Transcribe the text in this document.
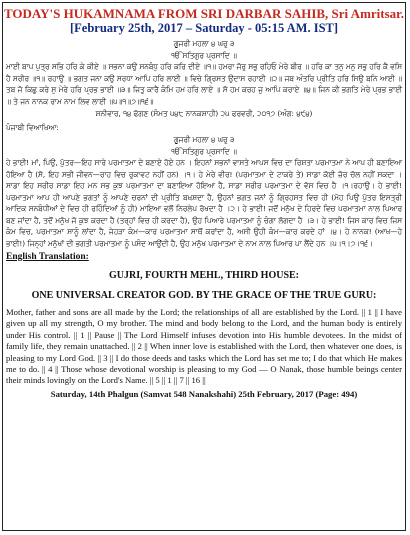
TODAY'S HUKAMNAMA FROM SRI DARBAR SAHIB, Sri Amritsar.
[February 25th, 2017 – Saturday - 05:15 AM. IST]
ਗੂਜਰੀ ਮਹਲਾ ੪ ਘਰੁ ੩
ੴ ਸਤਿਗੁਰ ਪ੍ਰਸਾਦਿ ॥
ਮਾਈ ਬਾਪ ਪੁਤ੍ਰ ਸਭਿ ਹਰਿ ਕੇ ਕੀਏ ॥ ਸਭਨਾ ਕਉ ਸਨਬੰਧੁ ਹਰਿ ਕਰਿ ਦੀਏ ॥੧॥ ਹਮਰਾ ਜੋਰੁ ਸਭੁ ਰਹਿਓ ਮੇਰੇ ਬੀਰ ॥ ਹਰਿ ਕਾ ਤਨੁ ਮਨੁ ਸਭੁ ਹਰਿ ਕੈ ਵਸਿ ਹੈ ਸਰੀਰ ॥੧॥ ਰਹਾਉ ॥ ਭਗਤ ਜਨਾ ਕਉ ਸਰਧਾ ਆਪਿ ਹਰਿ ਲਾਈ ॥ ਵਿਚੇ ਗ੍ਰਿਸਤ ਉਦਾਸ ਰਹਾਈ ॥੨॥ ਜਬ ਅੰਤਰਿ ਪ੍ਰੀਤਿ ਹਰਿ ਸਿਉ ਬਨਿ ਆਈ ॥ ਤਬ ਜੋ ਕਿਛੁ ਕਰੇ ਸੁ ਮੇਰੇ ਹਰਿ ਪ੍ਰਭ ਭਾਈ ॥੩॥ ਜਿਤੁ ਕਾਰੈ ਕੰਮਿ ਹਮ ਹਰਿ ਲਾਏ ॥ ਸੋ ਹਮ ਕਰਹ ਜੁ ਆਪਿ ਕਰਾਏ ॥੪॥ ਜਿਨ ਕੀ ਭਗਤਿ ਮੇਰੇ ਪ੍ਰਭ ਭਾਈ ॥ ਤੇ ਜਨ ਨਾਨਕ ਰਾਮ ਨਾਮ ਲਿਵ ਲਾਈ ॥੫॥੧॥੭॥੧੬॥
ਸ਼ਨੀਵਾਰ, ੧੪ ਫੱਗਣ (ਸੰਮਤ ੫੪੮ ਨਾਨਕਸ਼ਾਹੀ) ੨੫ ਫਰਵਰੀ, ੨੦੧੭ (ਅੰਗ: ੪੯੪)
ਪੰਜਾਬੀ ਵਿਆਖਿਆ:
ਗੂਜਰੀ ਮਹਲਾ ੪ ਘਰੁ ੩
ੴ ਸਤਿਗੁਰ ਪ੍ਰਸਾਦਿ ॥
ਹੇ ਭਾਈ! ਮਾਂ, ਪਿਉ, ਪੁੱਤਰ—ਇਹ ਸਾਰੇ ਪਰਮਾਤਮਾ ਦੇ ਬਣਾਏ ਹੋਏ ਹਨ । ਇਹਨਾਂ ਸਭਨਾਂ ਵਾਸਤੇ ਆਪਸ ਵਿਚ ਦਾ ਰਿਸ਼ਤਾ ਪਰਮਾਤਮਾ ਨੇ ਆਪ ਹੀ ਬਣਾਇਆ ਹੋਇਆ ਹੈ (ਸੋ, ਇਹ ਸਭੀ ਜੀਵਨ—ਰਾਹ ਵਿਚ ਰੁਕਾਵਟ ਨਹੀਂ ਹਨ) ।੧। ਹੇ ਮੇਰੇ ਵੀਰ! (ਪਰਮਾਤਮਾ ਦੇ ਟਾਕਰੇ ਤੇ) ਸਾਡਾ ਕੋਈ ਜ਼ੋਰ ਚੱਲ ਨਹੀਂ ਸਕਦਾ । ਸਾਡਾ ਇਹ ਸਰੀਰ ਸਾਡਾ ਇਹ ਮਨ ਸਭ ਕੁਝ ਪਰਮਾਤਮਾ ਦਾ ਬਣਾਇਆ ਹੋਇਆ ਹੈ, ਸਾਡਾ ਸਰੀਰ ਪਰਮਾਤਮਾ ਦੇ ਵੱਸ ਵਿਚ ਹੈ ।੧।ਰਹਾਉ। ਹੇ ਭਾਈ! ਪਰਮਾਤਮਾ ਆਪ ਹੀ ਆਪਣੇ ਭਗਤਾਂ ਨੂੰ ਆਪਣੇ ਚਰਨਾਂ ਦੀ ਪ੍ਰੀਤਿ ਬਖ਼ਸ਼ਦਾ ਹੈ, ਉਹਨਾਂ ਭਗਤ ਜਨਾਂ ਨੂੰ ਗ੍ਰਿਹਸਤ ਵਿਚ ਹੀ (ਮੋਹ ਪਿਉ ਪੁੱਤਰ ਇਸਤ੍ਰੀ ਆਦਿਕ ਸਨਬੰਧੀਆਂ ਦੇ ਵਿਚ ਹੀ ਰਹਿੰਦਿਆਂ ਨੂੰ ਹੀ) ਮਾਇਆ ਵਲੋਂ ਨਿਰਲੇਪ ਰੱਖਦਾ ਹੈ ।੨। ਹੇ ਭਾਈ! ਜਦੋਂ ਮਨੁੱਖ ਦੇ ਹਿਰਦੇ ਵਿਚ ਪਰਮਾਤਮਾ ਨਾਲ ਪਿਆਰ ਬਣ ਜਾਂਦਾ ਹੈ, ਤਦੋਂ ਮਨੁੱਖ ਜੋ ਕੁਝ ਕਰਦਾ ਹੈ (ਤਰ੍ਹਾਂ ਵਿਚ ਹੀ ਕਰਦਾ ਹੈ), ਉਹ ਪਿਆਰੇ ਪਰਮਾਤਮਾ ਨੂੰ ਚੰਗਾ ਲੱਗਦਾ ਹੈ ।੩। ਹੇ ਭਾਈ! ਜਿਸ ਕਾਰ ਵਿਚ ਜਿਸ ਕੰਮ ਵਿਚ, ਪਰਮਾਤਮਾ ਸਾਨੂੰ ਲਾਂਦਾ ਹੈ, ਜੇਹੜਾ ਕੰਮ—ਕਾਰ ਪਰਮਾਤਮਾ ਸਾਥੋਂ ਕਰਾਂਦਾ ਹੈ, ਅਸੀ ਉਹੀ ਕੰਮ—ਕਾਰ ਕਰਦੇ ਹਾਂ ।੪। ਹੇ ਨਾਨਕ! (ਆਖ—ਹੇ ਭਾਈ!) ਜਿਨ੍ਹਾਂ ਮਨੁੱਖਾਂ ਦੀ ਭਗਤੀ ਪਰਮਾਤਮਾ ਨੂੰ ਪਸੰਦ ਆਉਂਦੀ ਹੈ, ਉਹ ਮਨੁੱਖ ਪਰਮਾਤਮਾ ਦੇ ਨਾਮ ਨਾਲ ਪਿਆਰ ਪਾ ਲੈਂਦੇ ਹਨ ।੫।੧।੭।੧੬।
English Translation:
GUJRI, FOURTH MEHL, THIRD HOUSE:
ONE UNIVERSAL CREATOR GOD. BY THE GRACE OF THE TRUE GURU:
Mother, father and sons are all made by the Lord; the relationships of all are established by the Lord. || 1 || I have given up all my strength, O my brother. The mind and body belong to the Lord, and the human body is entirely under His control. || 1 || Pause || The Lord Himself infuses devotion into His humble devotees. In the midst of family life, they remain unattached. || 2 || When inner love is established with the Lord, then whatever one does, is pleasing to my Lord God. || 3 || I do those deeds and tasks which the Lord has set me to; I do that which He makes me to do. || 4 || Those whose devotional worship is pleasing to my God — O Nanak, those humble beings center their minds lovingly on the Lord's Name. || 5 || 1 || 7 || 16 ||
Saturday, 14th Phalgun (Samvat 548 Nanakshahi) 25th February, 2017 (Page: 494)
